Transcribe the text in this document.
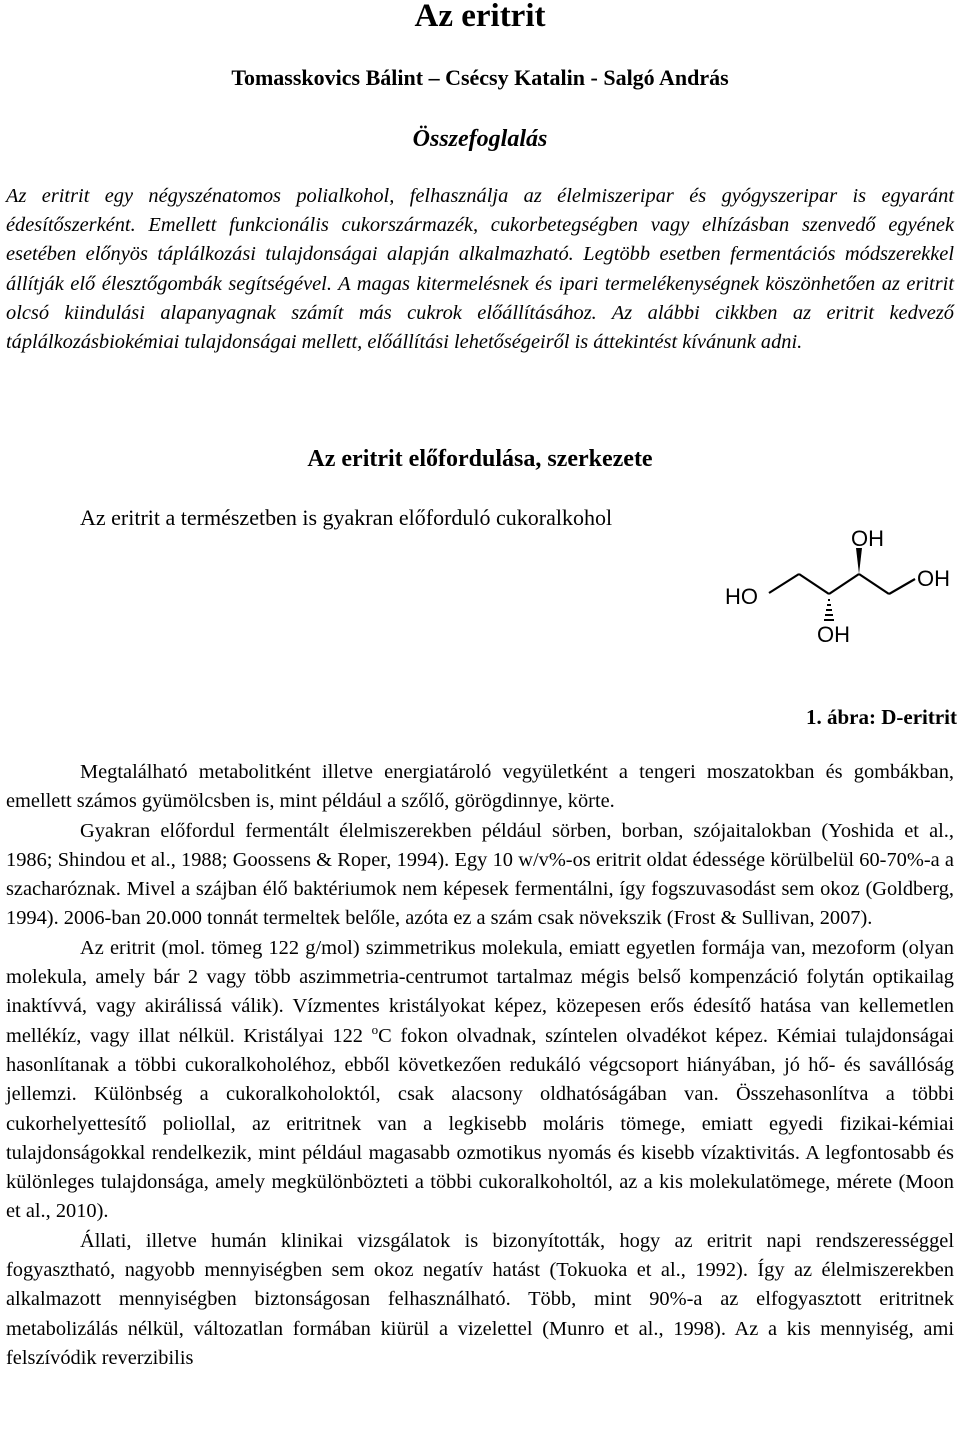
Az eritrit
Tomasskovics Bálint – Csécsy Katalin - Salgó András
Összefoglalás

Az eritrit egy négyszénatomos polialkohol, felhasználja az élelmiszeripar és gyógyszeripar is egyaránt édesítőszerként. Emellett funkcionális cukorszármazék, cukorbetegségben vagy elhízásban szenvedő egyének esetében előnyös táplálkozási tulajdonságai alapján alkalmazható. Legtöbb esetben fermentációs módszerekkel állítják elő élesztőgombák segítségével. A magas kitermelésnek és ipari termelékenységnek köszönhetően az eritrit olcsó kiindulási alapanyagnak számít más cukrok előállításához. Az alábbi cikkben az eritrit kedvező táplálkozásbiokémiai tulajdonságai mellett, előállítási lehetőségeiről is áttekintést kívánunk adni.

Az eritrit előfordulása, szerkezete
Az eritrit a természetben is gyakran előforduló cukoralkohol
OH
OH
HO
OH
1. ábra: D-eritrit

Megtalálható metabolitként illetve energiatároló vegyületként a tengeri moszatokban és gombákban, emellett számos gyümölcsben is, mint például a szőlő, görögdinnye, körte.

Gyakran előfordul fermentált élelmiszerekben például sörben, borban, szójaitalokban (Yoshida et al., 1986; Shindou et al., 1988; Goossens & Roper, 1994). Egy 10 w/v%-os eritrit oldat édessége körülbelül 60-70%-a a szacharóznak. Mivel a szájban élő baktériumok nem képesek fermentálni, így fogszuvasodást sem okoz (Goldberg, 1994). 2006-ban 20.000 tonnát termeltek belőle, azóta ez a szám csak növekszik (Frost & Sullivan, 2007).

Az eritrit (mol. tömeg 122 g/mol) szimmetrikus molekula, emiatt egyetlen formája van, mezoform (olyan molekula, amely bár 2 vagy több aszimmetria-centrumot tartalmaz mégis belső kompenzáció folytán optikailag inaktívvá, vagy akirálissá válik). Vízmentes kristályokat képez, közepesen erős édesítő hatása van kellemetlen mellékíz, vagy illat nélkül. Kristályai 122 $^o$C fokon olvadnak, színtelen olvadékot képez. Kémiai tulajdonságai hasonlítanak a többi cukoralkoholéhoz, ebből következően redukáló végcsoport hiányában, jó hő- és savállóság jellemzi. Különbség a cukoralkoholoktól, csak alacsony oldhatóságában van. Összehasonlítva a többi cukorhelyettesítő poliollal, az eritritnek van a legkisebb moláris tömege, emiatt egyedi fizikai-kémiai tulajdonságokkal rendelkezik, mint például magasabb ozmotikus nyomás és kisebb vízaktivitás. A legfontosabb és különleges tulajdonsága, amely megkülönbözteti a többi cukoralkoholtól, az a kis molekulatömege, mérete (Moon et al., 2010).

Állati, illetve humán klinikai vizsgálatok is bizonyították, hogy az eritrit napi rendszerességgel fogyasztható, nagyobb mennyiségben sem okoz negatív hatást (Tokuoka et al., 1992). Így az élelmiszerekben alkalmazott mennyiségben biztonságosan felhasználható. Több, mint 90%-a az elfogyasztott eritritnek metabolizálás nélkül, változatlan formában kiürül a vizelettel (Munro et al., 1998). Az a kis mennyiség, ami felszívódik reverzibilis
